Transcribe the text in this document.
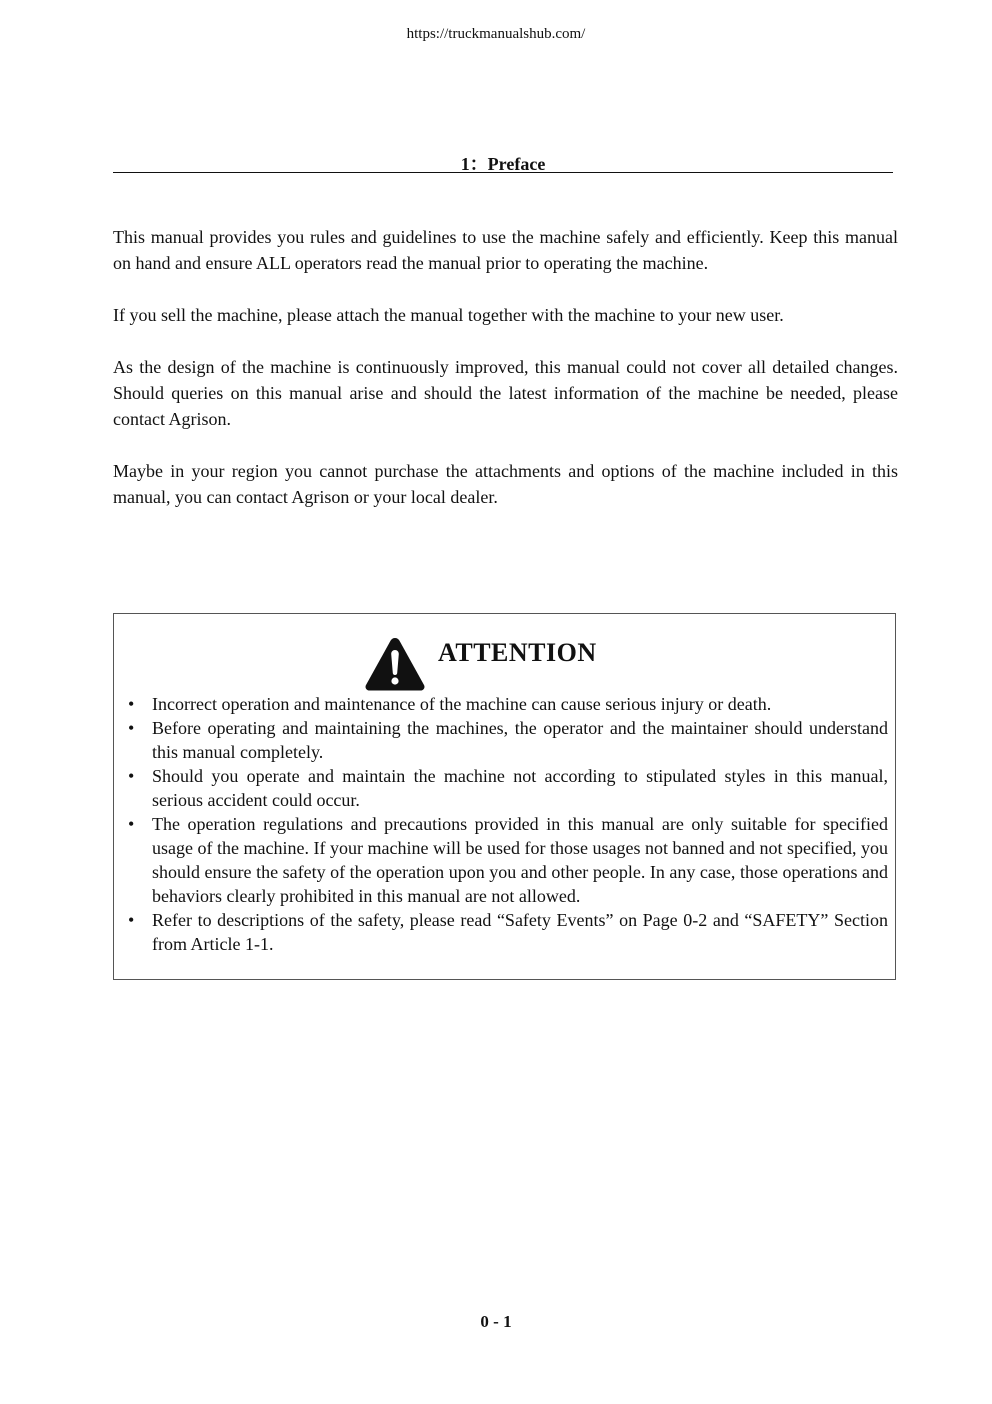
https://truckmanualshub.com/
1：Preface

This manual provides you rules and guidelines to use the machine safely and efficiently. Keep this manual on hand and ensure ALL operators read the manual prior to operating the machine.

If you sell the machine, please attach the manual together with the machine to your new user.

As the design of the machine is continuously improved, this manual could not cover all detailed changes. Should queries on this manual arise and should the latest information of the machine be needed, please contact Agrison.

Maybe in your region you cannot purchase the attachments and options of the machine included in this manual, you can contact Agrison or your local dealer.

ATTENTION
• Incorrect operation and maintenance of the machine can cause serious injury or death.
• Before operating and maintaining the machines, the operator and the maintainer should understand this manual completely.
• Should you operate and maintain the machine not according to stipulated styles in this manual, serious accident could occur.
• The operation regulations and precautions provided in this manual are only suitable for specified usage of the machine. If your machine will be used for those usages not banned and not specified, you should ensure the safety of the operation upon you and other people. In any case, those operations and behaviors clearly prohibited in this manual are not allowed.
• Refer to descriptions of the safety, please read “Safety Events” on Page 0-2 and “SAFETY” Section from Article 1-1.
0 - 1
